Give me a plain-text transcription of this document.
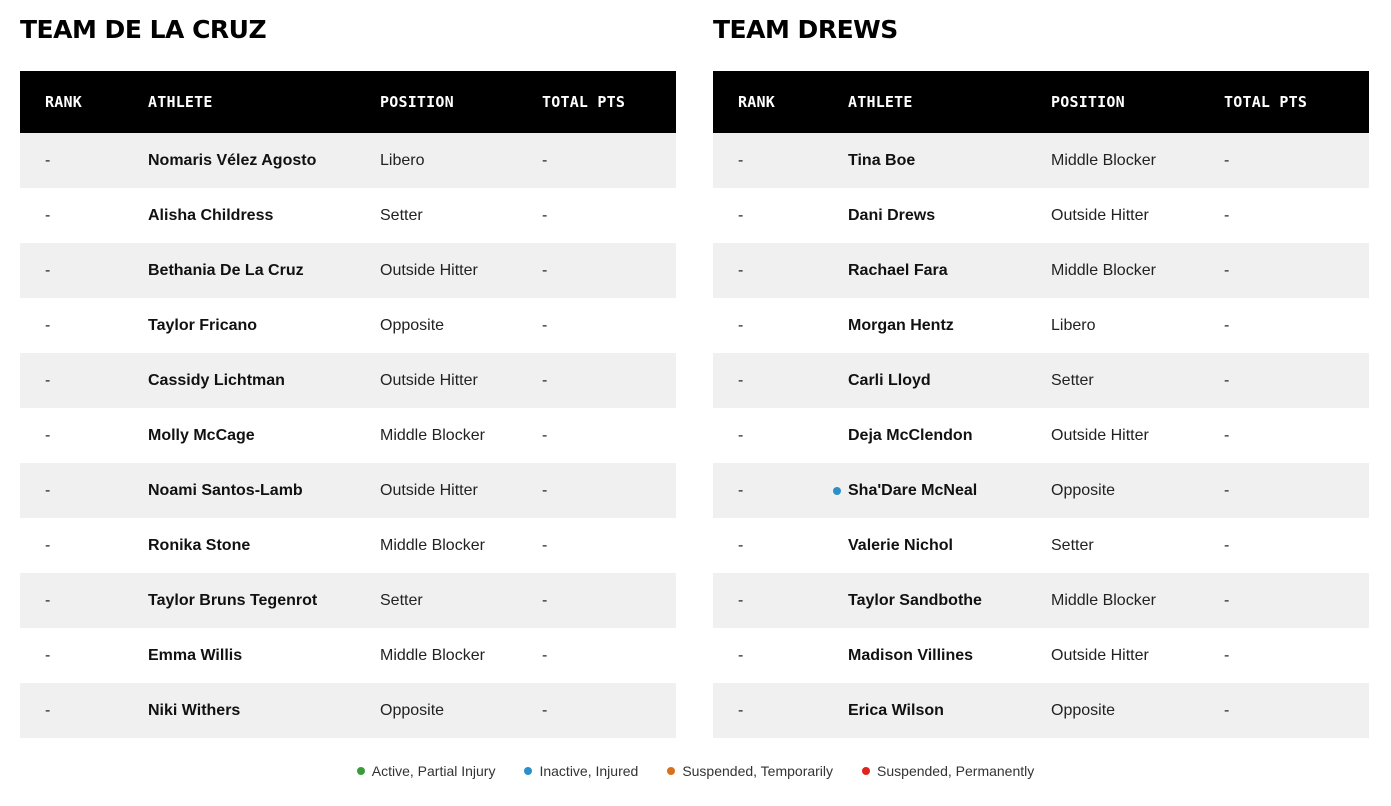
TEAM DE LA CRUZ
RANK	ATHLETE	POSITION	TOTAL PTS
-	Nomaris Vélez Agosto	Libero	-
-	Alisha Childress	Setter	-
-	Bethania De La Cruz	Outside Hitter	-
-	Taylor Fricano	Opposite	-
-	Cassidy Lichtman	Outside Hitter	-
-	Molly McCage	Middle Blocker	-
-	Noami Santos-Lamb	Outside Hitter	-
-	Ronika Stone	Middle Blocker	-
-	Taylor Bruns Tegenrot	Setter	-
-	Emma Willis	Middle Blocker	-
-	Niki Withers	Opposite	-
TEAM DREWS
RANK	ATHLETE	POSITION	TOTAL PTS
-	Tina Boe	Middle Blocker	-
-	Dani Drews	Outside Hitter	-
-	Rachael Fara	Middle Blocker	-
-	Morgan Hentz	Libero	-
-	Carli Lloyd	Setter	-
-	Deja McClendon	Outside Hitter	-
-	Sha'Dare McNeal	Opposite	-
-	Valerie Nichol	Setter	-
-	Taylor Sandbothe	Middle Blocker	-
-	Madison Villines	Outside Hitter	-
-	Erica Wilson	Opposite	-
Active, Partial Injury	Inactive, Injured	Suspended, Temporarily	Suspended, Permanently
